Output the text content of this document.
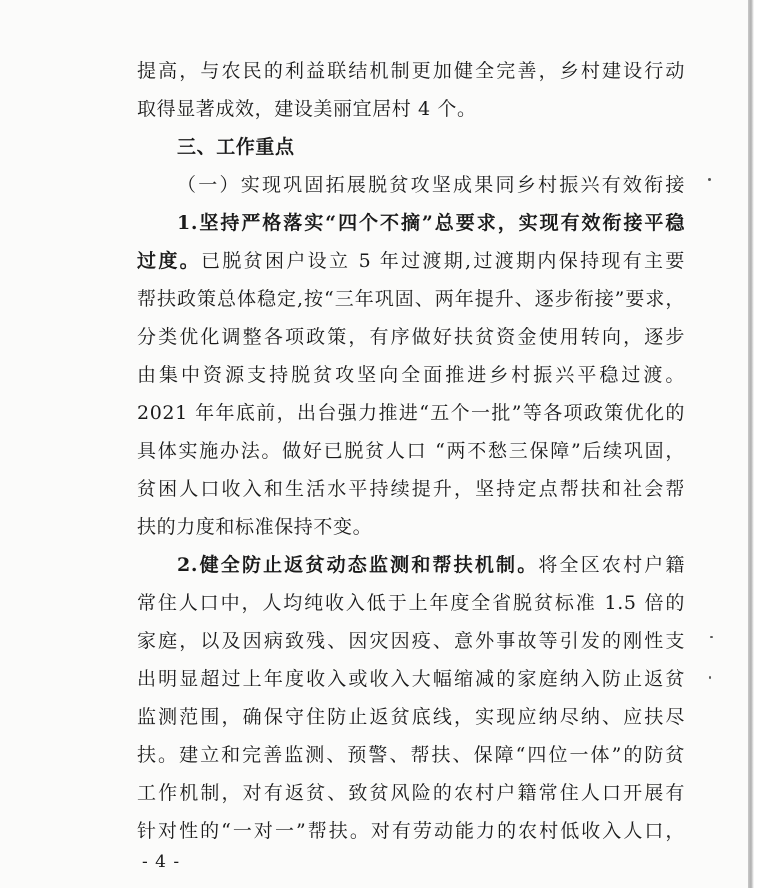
提高，与农民的利益联结机制更加健全完善，乡村建设行动
取得显著成效，建设美丽宜居村 4 个。
三、工作重点
（一）实现巩固拓展脱贫攻坚成果同乡村振兴有效衔接
1.坚持严格落实“四个不摘”总要求，实现有效衔接平稳
过度。已脱贫困户设立 5 年过渡期,过渡期内保持现有主要
帮扶政策总体稳定,按“三年巩固、两年提升、逐步衔接”要求，
分类优化调整各项政策，有序做好扶贫资金使用转向，逐步
由集中资源支持脱贫攻坚向全面推进乡村振兴平稳过渡。
2021 年年底前，出台强力推进“五个一批”等各项政策优化的
具体实施办法。做好已脱贫人口 “两不愁三保障”后续巩固，
贫困人口收入和生活水平持续提升，坚持定点帮扶和社会帮
扶的力度和标准保持不变。
2.健全防止返贫动态监测和帮扶机制。将全区农村户籍
常住人口中，人均纯收入低于上年度全省脱贫标准 1.5 倍的
家庭，以及因病致残、因灾因疫、意外事故等引发的刚性支
出明显超过上年度收入或收入大幅缩减的家庭纳入防止返贫
监测范围，确保守住防止返贫底线，实现应纳尽纳、应扶尽
扶。建立和完善监测、预警、帮扶、保障“四位一体”的防贫
工作机制，对有返贫、致贫风险的农村户籍常住人口开展有
针对性的“一对一”帮扶。对有劳动能力的农村低收入人口，
- 4 -
